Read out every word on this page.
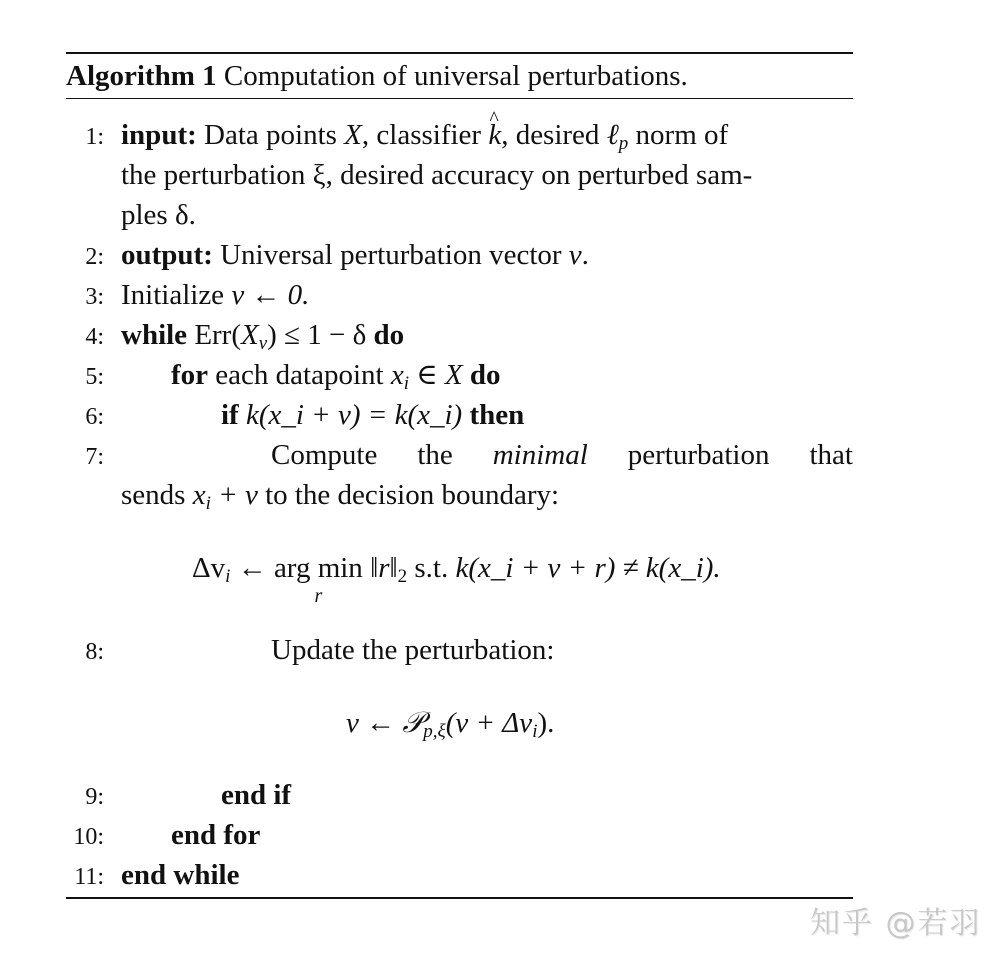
Algorithm 1 Computation of universal perturbations.
1: input: Data points X, classifier ^ k, desired ℓ$_p$ norm of
the perturbation ξ, desired accuracy on perturbed sam-
ples δ.
2: output: Universal perturbation vector v.
3: Initialize v ← 0.
4: while $Err(X_v) \le 1 - \delta$ do
5: for each datapoint $x_i$ ∈ X do
6:	if k(x_i + v) = k(x_i) then
7:	Compute the minimal perturbation that
sends $x_i + v$ to the decision boundary:
$\Delta v_i$ ← arg min
r
$‖r‖_2$ s.t. k(x_i + v + r) ≠ k(x_i).
8:	Update the perturbation:
v ← 𝒫$_{p,\xi}$(v + $\Delta v_i$).
9:	end if
10: end for
11: end while
知乎 @若羽
